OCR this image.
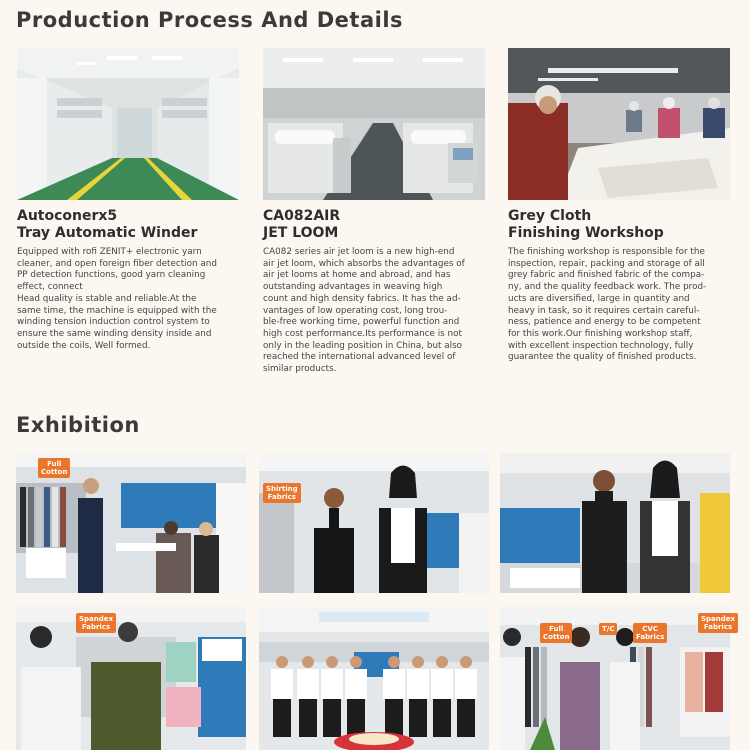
Production Process And Details
Autoconerx5
Tray Automatic Winder
CA082AIR
JET LOOM
Grey Cloth
Finishing Workshop
Equipped with rofi ZENIT+ electronic yarn
cleaner, and open foreign fiber detection and
PP detection functions, good yarn cleaning
effect, connect
Head quality is stable and reliable.At the
same time, the machine is equipped with the
winding tension induction control system to
ensure the same winding density inside and
outside the coils, Well formed.
CA082 series air jet loom is a new high-end
air jet loom, which absorbs the advantages of
air jet looms at home and abroad, and has
outstanding advantages in weaving high
count and high density fabrics. It has the ad-
vantages of low operating cost, long trou-
ble-free working time, powerful function and
high cost performance.Its performance is not
only in the leading position in China, but also
reached the international advanced level of
similar products.
The finishing workshop is responsible for the
inspection, repair, packing and storage of all
grey fabric and finished fabric of the compa-
ny, and the quality feedback work. The prod-
ucts are diversified, large in quantity and
heavy in task, so it requires certain careful-
ness, patience and energy to be competent
for this work.Our finishing workshop staff,
with excellent inspection technology, fully
guarantee the quality of finished products.
Exhibition
Full
Cotton
Shirting
Fabrics
Spandex
Fabrics	Full
Cotton
T/C	CVC
Fabrics
Spandex
Fabrics
